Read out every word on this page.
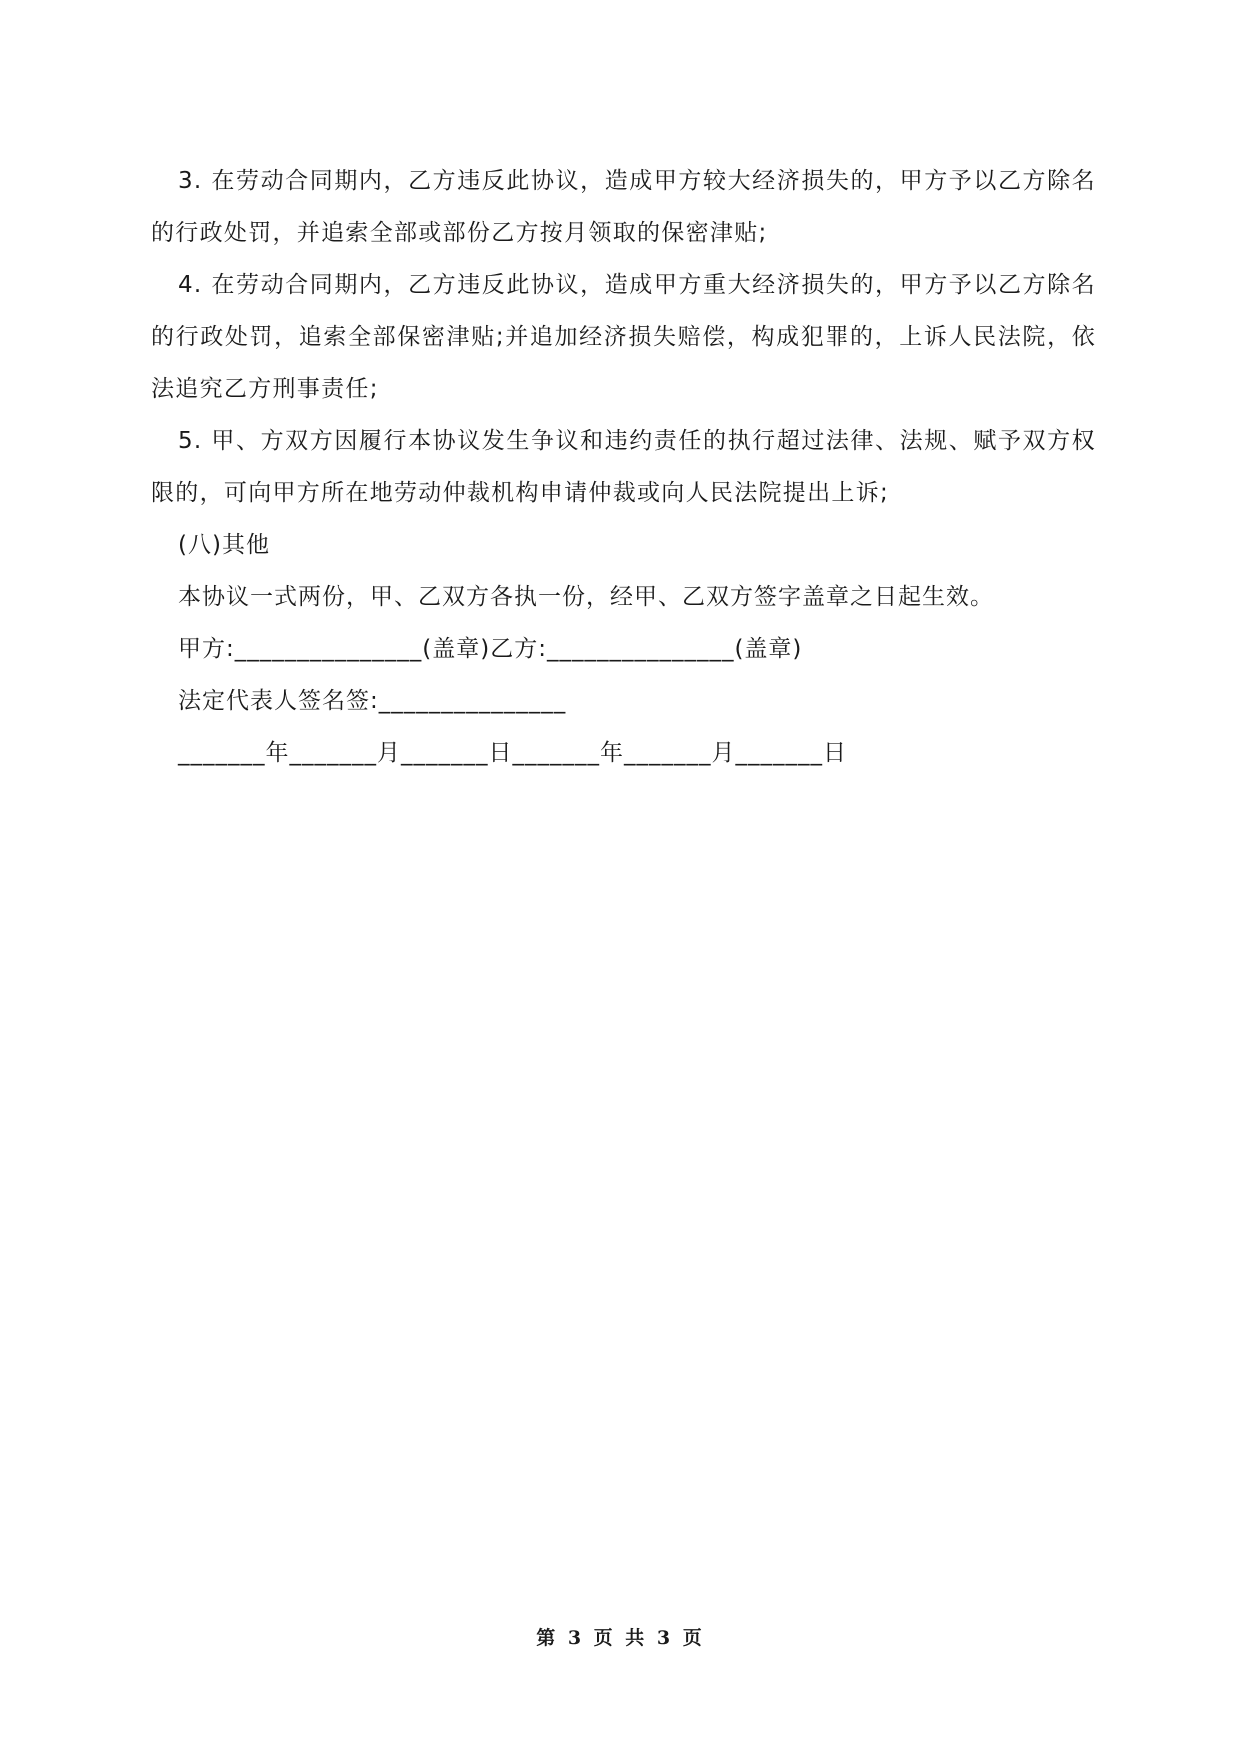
3. 在劳动合同期内，乙方违反此协议，造成甲方较大经济损失的，甲方予以乙方除名的行政处罚，并追索全部或部份乙方按月领取的保密津贴;

4. 在劳动合同期内，乙方违反此协议，造成甲方重大经济损失的，甲方予以乙方除名的行政处罚，追索全部保密津贴;并追加经济损失赔偿，构成犯罪的，上诉人民法院，依法追究乙方刑事责任;

5. 甲、方双方因履行本协议发生争议和违约责任的执行超过法律、法规、赋予双方权限的，可向甲方所在地劳动仲裁机构申请仲裁或向人民法院提出上诉;

(八)其他

本协议一式两份，甲、乙双方各执一份，经甲、乙双方签字盖章之日起生效。

甲方:_______________(盖章)乙方:_______________(盖章)

法定代表人签名签:_______________

_______年_______月_______日_______年_______月_______日

第 3 页 共 3 页
